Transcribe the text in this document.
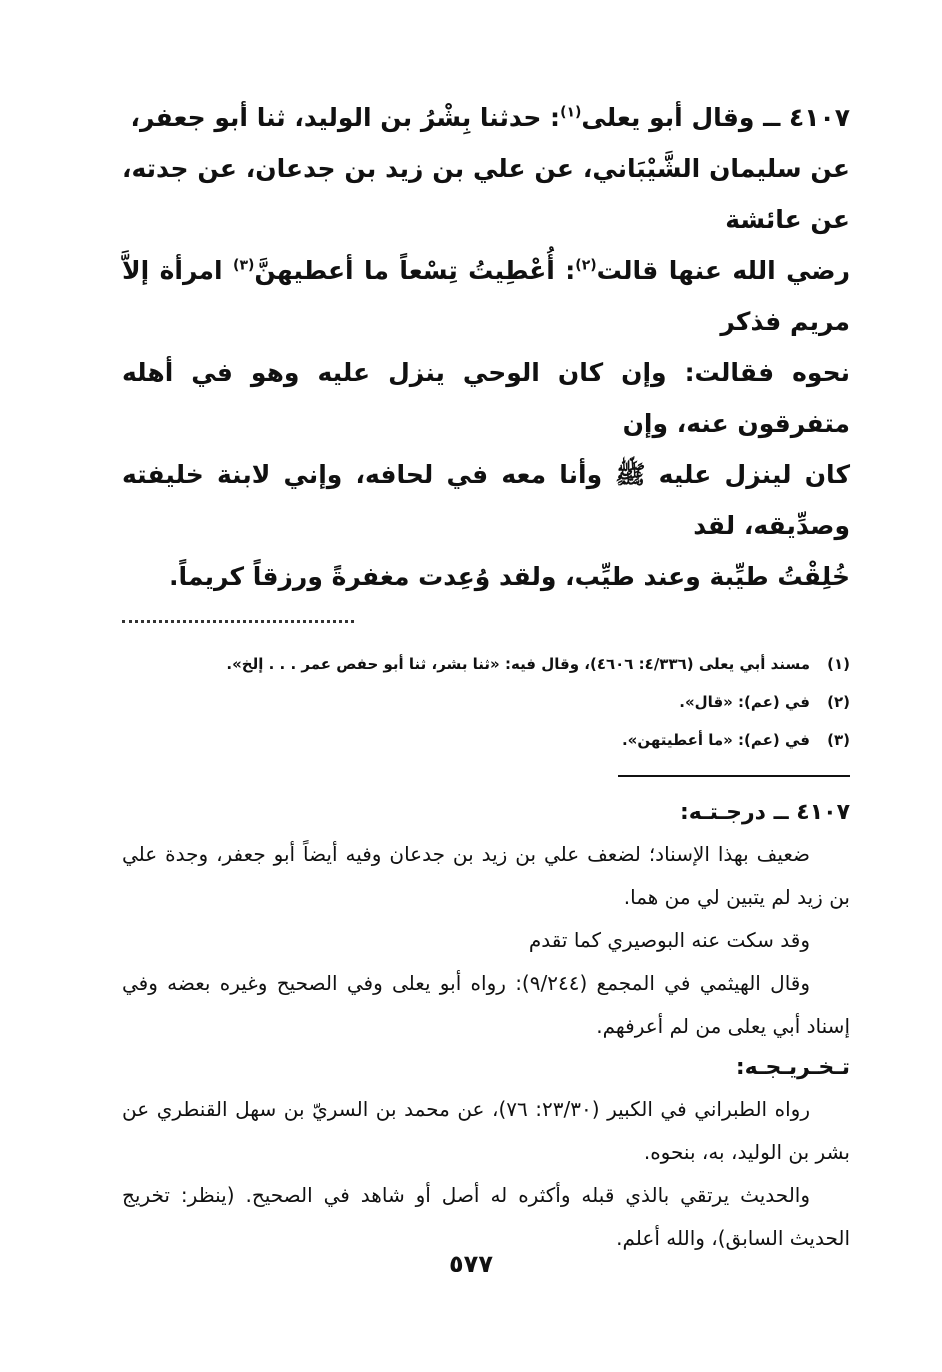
٤١٠٧ ــ وقال أبو يعلى$^{(١)}$: حدثنا بِشْرُ بن الوليد، ثنا أبو جعفر،

عن سليمان الشَّيْبَاني، عن علي بن زيد بن جدعان، عن جدته، عن عائشة

رضي الله عنها قالت$^{(٢)}$: أُعْطِيتُ تِسْعاً ما أعطيهنَّ$^{(٣)}$ امرأة إلاَّ مريم فذكر

نحوه فقالت: وإن كان الوحي ينزل عليه وهو في أهله متفرقون عنه، وإن

كان لينزل عليه ﷺ وأنا معه في لحافه، وإني لابنة خليفته وصدِّيقه، لقد

خُلِقْتُ طيِّبة وعند طيِّب، ولقد وُعِدت مغفرةً ورزقاً كريماً.

(١)مسند أبي يعلى (٤/٣٣٦: ٤٦٠٦)، وقال فيه: «ثنا بشر، ثنا أبو حفص عمر . . . إلخ».
(٢)في (عم): «قال».
(٣)في (عم): «ما أعطيتهن».
٤١٠٧ ــ درجـتـه:

ضعيف بهذا الإسناد؛ لضعف علي بن زيد بن جدعان وفيه أيضاً أبو جعفر، وجدة علي بن زيد لم يتبين لي من هما.

وقد سكت عنه البوصيري كما تقدم

وقال الهيثمي في المجمع (٩/٢٤٤): رواه أبو يعلى وفي الصحيح وغيره بعضه وفي إسناد أبي يعلى من لم أعرفهم.

تـخـريـجـه:

رواه الطبراني في الكبير (٢٣/٣٠: ٧٦)، عن محمد بن السريّ بن سهل القنطري عن بشر بن الوليد، به، بنحوه.

والحديث يرتقي بالذي قبله وأكثره له أصل أو شاهد في الصحيح. (ينظر: تخريج الحديث السابق)، والله أعلم.

٥٧٧
